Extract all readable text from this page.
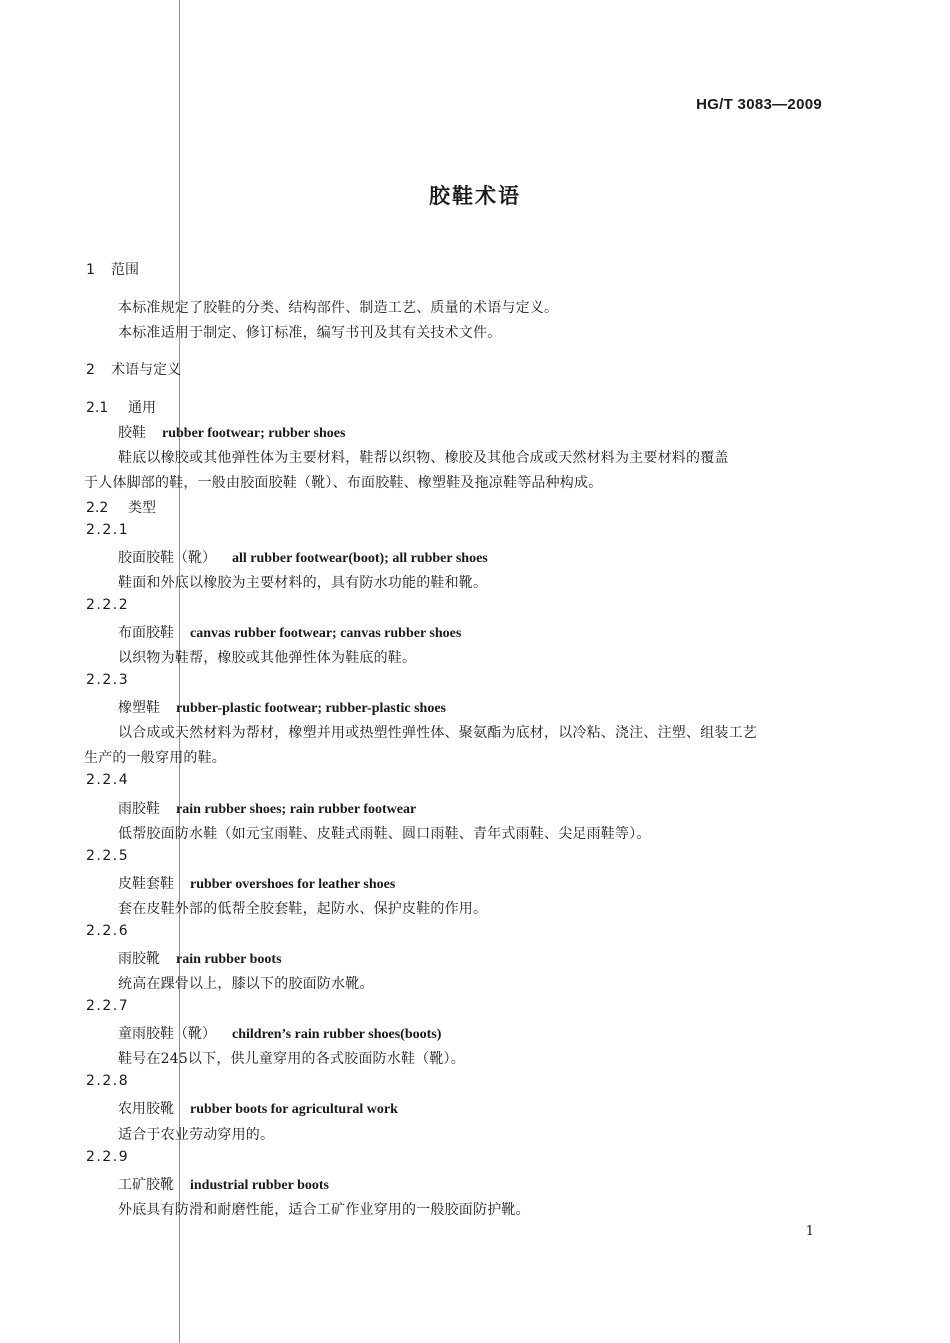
HG/T 3083—2009
胶鞋术语
1 范围
本标准规定了胶鞋的分类、结构部件、制造工艺、质量的术语与定义。
本标准适用于制定、修订标准，编写书刊及其有关技术文件。
2 术语与定义
2.1 通用
胶鞋 rubber footwear; rubber shoes
鞋底以橡胶或其他弹性体为主要材料，鞋帮以织物、橡胶及其他合成或天然材料为主要材料的覆盖
于人体脚部的鞋，一般由胶面胶鞋（靴）、布面胶鞋、橡塑鞋及拖凉鞋等品种构成。
2.2 类型
2.2.1
胶面胶鞋（靴） all rubber footwear(boot); all rubber shoes
鞋面和外底以橡胶为主要材料的，具有防水功能的鞋和靴。
2.2.2
布面胶鞋 canvas rubber footwear; canvas rubber shoes
以织物为鞋帮，橡胶或其他弹性体为鞋底的鞋。
2.2.3
橡塑鞋 rubber-plastic footwear; rubber-plastic shoes
以合成或天然材料为帮材，橡塑并用或热塑性弹性体、聚氨酯为底材，以冷粘、浇注、注塑、组装工艺
生产的一般穿用的鞋。
2.2.4
雨胶鞋 rain rubber shoes; rain rubber footwear
低帮胶面防水鞋（如元宝雨鞋、皮鞋式雨鞋、圆口雨鞋、青年式雨鞋、尖足雨鞋等）。
2.2.5
皮鞋套鞋 rubber overshoes for leather shoes
套在皮鞋外部的低帮全胶套鞋，起防水、保护皮鞋的作用。
2.2.6
雨胶靴 rain rubber boots
统高在踝骨以上，膝以下的胶面防水靴。
2.2.7
童雨胶鞋（靴） children’s rain rubber shoes(boots)
鞋号在245以下，供儿童穿用的各式胶面防水鞋（靴）。
2.2.8
农用胶靴 rubber boots for agricultural work
适合于农业劳动穿用的。
2.2.9
工矿胶靴 industrial rubber boots
外底具有防滑和耐磨性能，适合工矿作业穿用的一般胶面防护靴。
1
